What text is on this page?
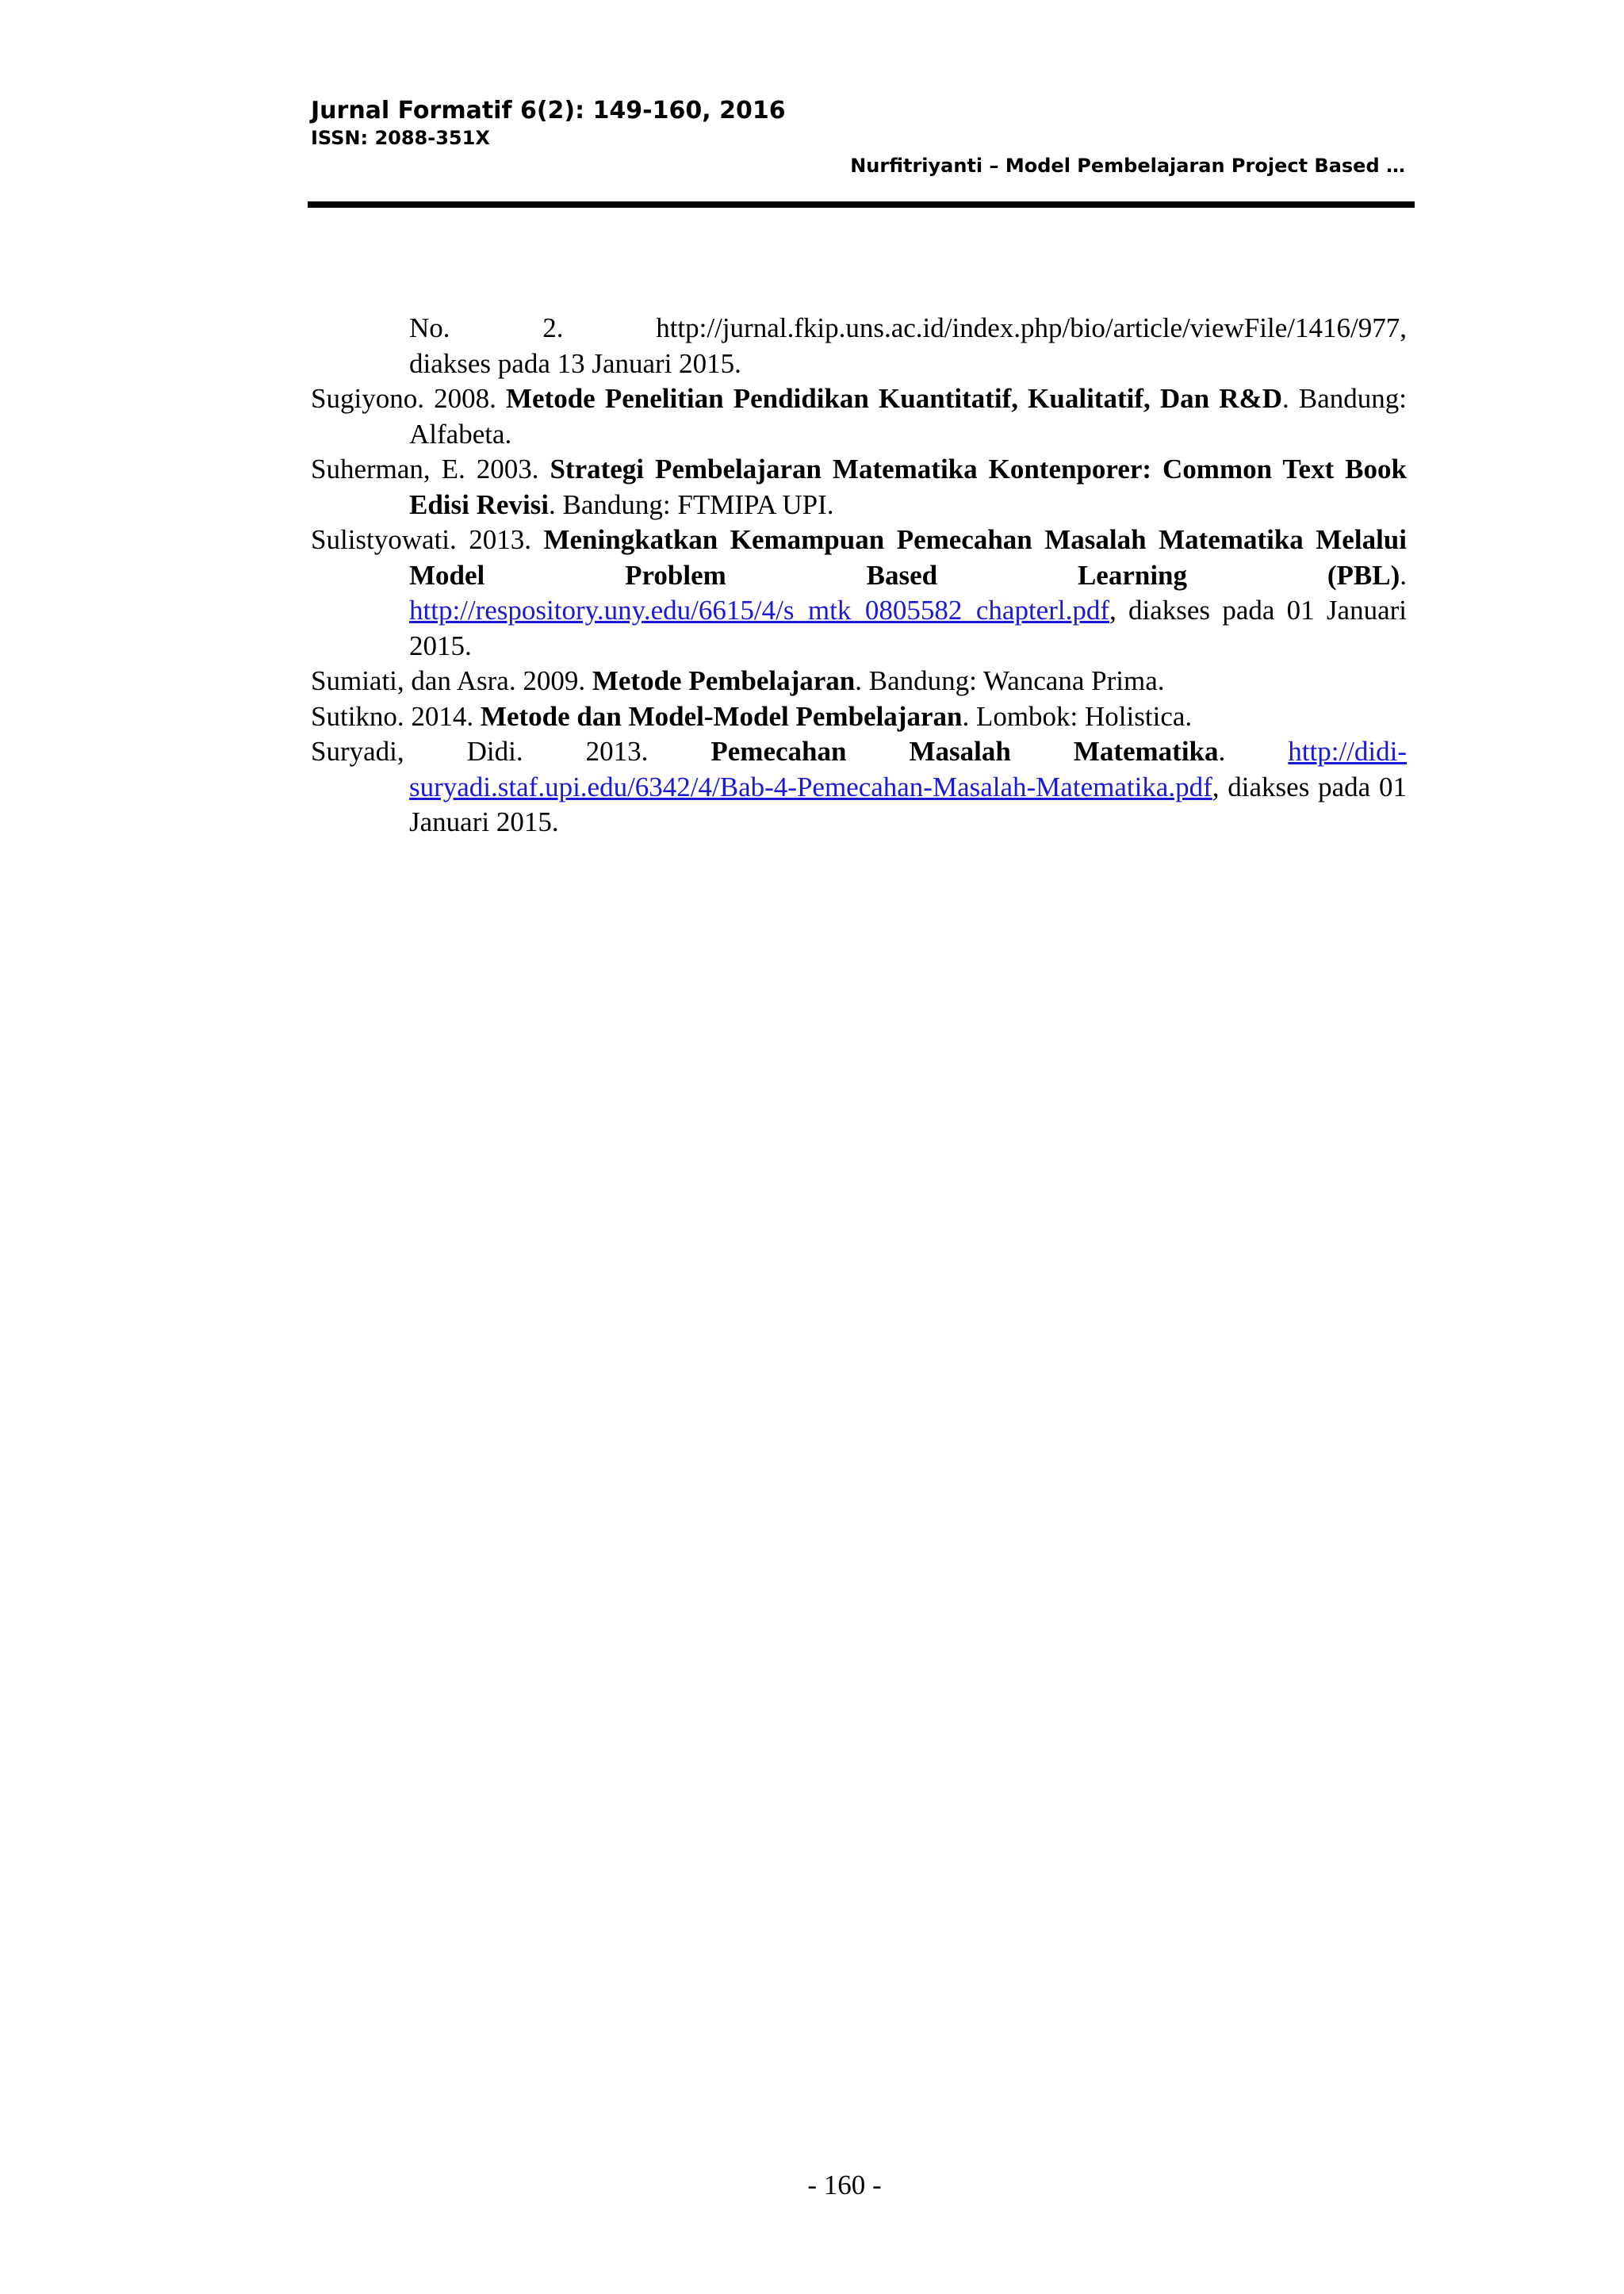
Jurnal Formatif 6(2): 149-160, 2016
ISSN: 2088-351X
Nurfitriyanti – Model Pembelajaran Project Based …
No. 2. http://jurnal.fkip.uns.ac.id/index.php/bio/article/viewFile/1416/977,
diakses pada 13 Januari 2015.
Sugiyono. 2008. Metode Penelitian Pendidikan Kuantitatif, Kualitatif, Dan R&D. Bandung: Alfabeta.
Suherman, E. 2003. Strategi Pembelajaran Matematika Kontenporer: Common Text Book Edisi Revisi. Bandung: FTMIPA UPI.
Sulistyowati. 2013. Meningkatkan Kemampuan Pemecahan Masalah Matematika Melalui Model Problem Based Learning (PBL). http://respository.uny.edu/6615/4/s_mtk_0805582_chapterl.pdf, diakses pada 01 Januari 2015.
Sumiati, dan Asra. 2009. Metode Pembelajaran. Bandung: Wancana Prima.
Sutikno. 2014. Metode dan Model-Model Pembelajaran. Lombok: Holistica.
Suryadi, Didi. 2013. Pemecahan Masalah Matematika. http://didi-suryadi.staf.upi.edu/6342/4/Bab-4-Pemecahan-Masalah-Matematika.pdf, diakses pada 01 Januari 2015.
- 160 -
